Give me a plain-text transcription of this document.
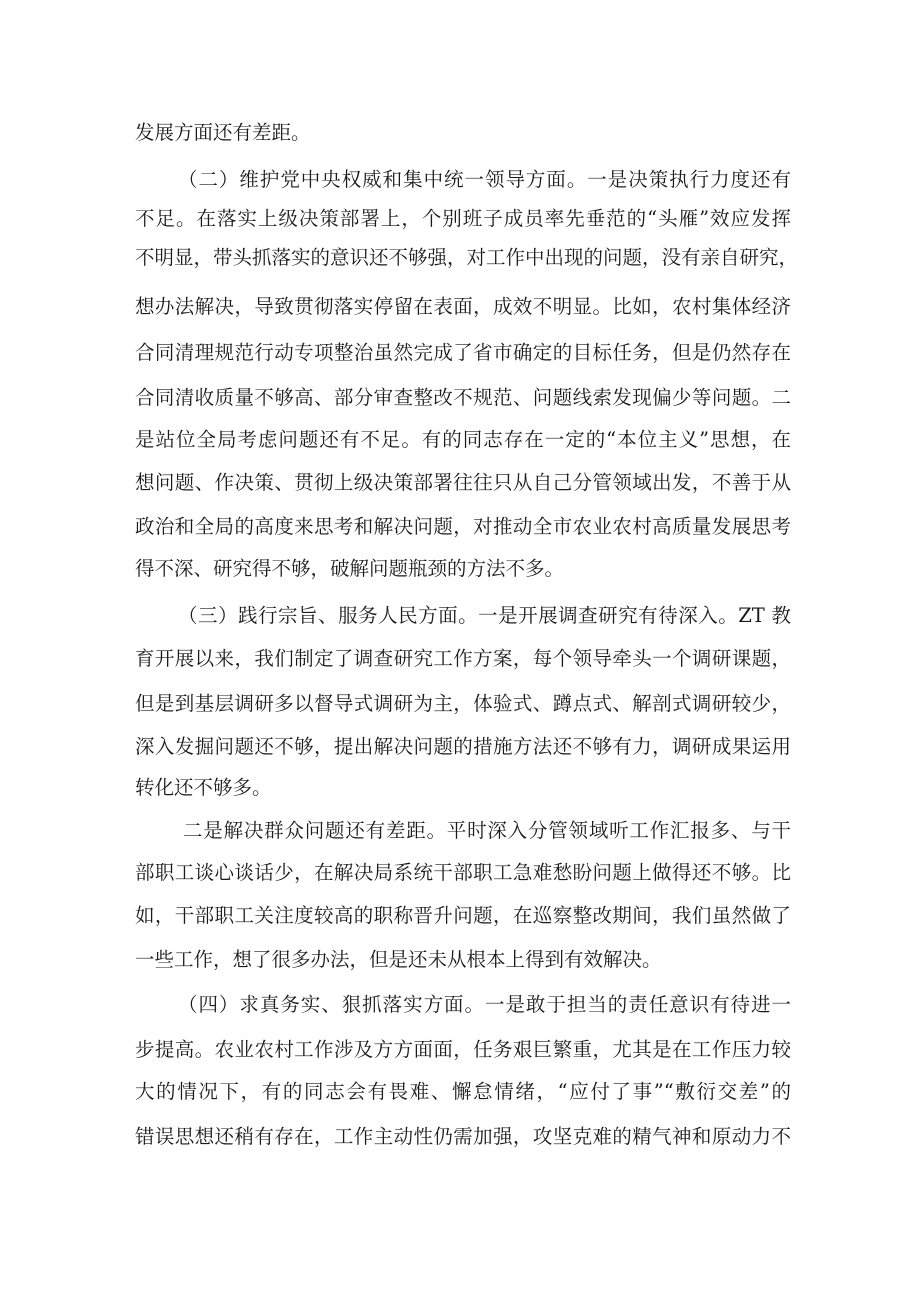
发展方面还有差距。
（二）维护党中央权威和集中统一领导方面。一是决策执行力度还有
不足。在落实上级决策部署上，个别班子成员率先垂范的“头雁”效应发挥
不明显，带头抓落实的意识还不够强，对工作中出现的问题，没有亲自研究，
想办法解决，导致贯彻落实停留在表面，成效不明显。比如，农村集体经济
合同清理规范行动专项整治虽然完成了省市确定的目标任务，但是仍然存在
合同清收质量不够高、部分审查整改不规范、问题线索发现偏少等问题。二
是站位全局考虑问题还有不足。有的同志存在一定的“本位主义”思想，在
想问题、作决策、贯彻上级决策部署往往只从自己分管领域出发，不善于从
政治和全局的高度来思考和解决问题，对推动全市农业农村高质量发展思考
得不深、研究得不够，破解问题瓶颈的方法不多。
（三）践行宗旨、服务人民方面。一是开展调查研究有待深入。ZT 教
育开展以来，我们制定了调查研究工作方案，每个领导牵头一个调研课题，
但是到基层调研多以督导式调研为主，体验式、蹲点式、解剖式调研较少，
深入发掘问题还不够，提出解决问题的措施方法还不够有力，调研成果运用
转化还不够多。
二是解决群众问题还有差距。平时深入分管领域听工作汇报多、与干
部职工谈心谈话少，在解决局系统干部职工急难愁盼问题上做得还不够。比
如，干部职工关注度较高的职称晋升问题，在巡察整改期间，我们虽然做了
一些工作，想了很多办法，但是还未从根本上得到有效解决。
（四）求真务实、狠抓落实方面。一是敢于担当的责任意识有待进一
步提高。农业农村工作涉及方方面面，任务艰巨繁重，尤其是在工作压力较
大的情况下，有的同志会有畏难、懈怠情绪，“应付了事”“敷衍交差”的
错误思想还稍有存在，工作主动性仍需加强，攻坚克难的精气神和原动力不
